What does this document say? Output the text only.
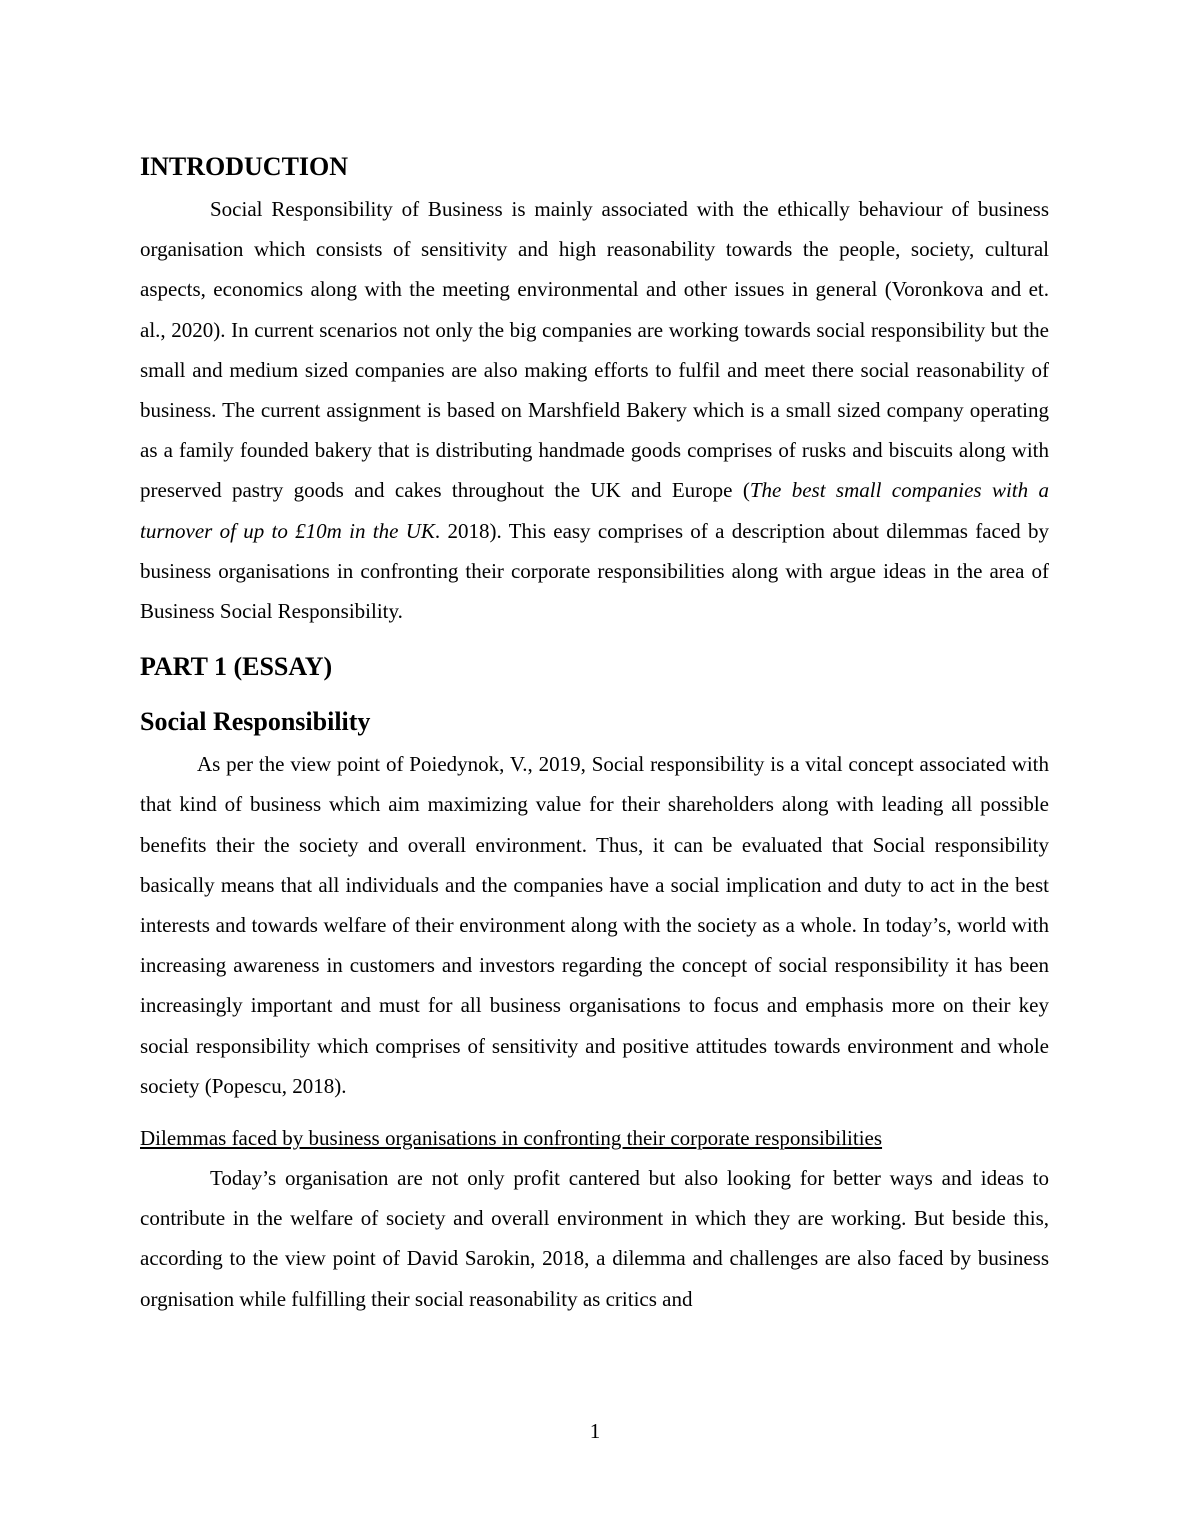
INTRODUCTION

Social Responsibility of Business is mainly associated with the ethically behaviour of business organisation which consists of sensitivity and high reasonability towards the people, society, cultural aspects, economics along with the meeting environmental and other issues in general (Voronkova and et. al., 2020). In current scenarios not only the big companies are working towards social responsibility but the small and medium sized companies are also making efforts to fulfil and meet there social reasonability of business. The current assignment is based on Marshfield Bakery which is a small sized company operating as a family founded bakery that is distributing handmade goods comprises of rusks and biscuits along with preserved pastry goods and cakes throughout the UK and Europe (The best small companies with a turnover of up to £10m in the UK. 2018). This easy comprises of a description about dilemmas faced by business organisations in confronting their corporate responsibilities along with argue ideas in the area of Business Social Responsibility.

PART 1 (ESSAY)
Social Responsibility

As per the view point of Poiedynok, V., 2019, Social responsibility is a vital concept associated with that kind of business which aim maximizing value for their shareholders along with leading all possible benefits their the society and overall environment. Thus, it can be evaluated that Social responsibility basically means that all individuals and the companies have a social implication and duty to act in the best interests and towards welfare of their environment along with the society as a whole. In today’s, world with increasing awareness in customers and investors regarding the concept of social responsibility it has been increasingly important and must for all business organisations to focus and emphasis more on their key social responsibility which comprises of sensitivity and positive attitudes towards environment and whole society (Popescu, 2018).

Dilemmas faced by business organisations in confronting their corporate responsibilities

Today’s organisation are not only profit cantered but also looking for better ways and ideas to contribute in the welfare of society and overall environment in which they are working. But beside this, according to the view point of David Sarokin, 2018, a dilemma and challenges are also faced by business orgnisation while fulfilling their social reasonability as critics and

1
